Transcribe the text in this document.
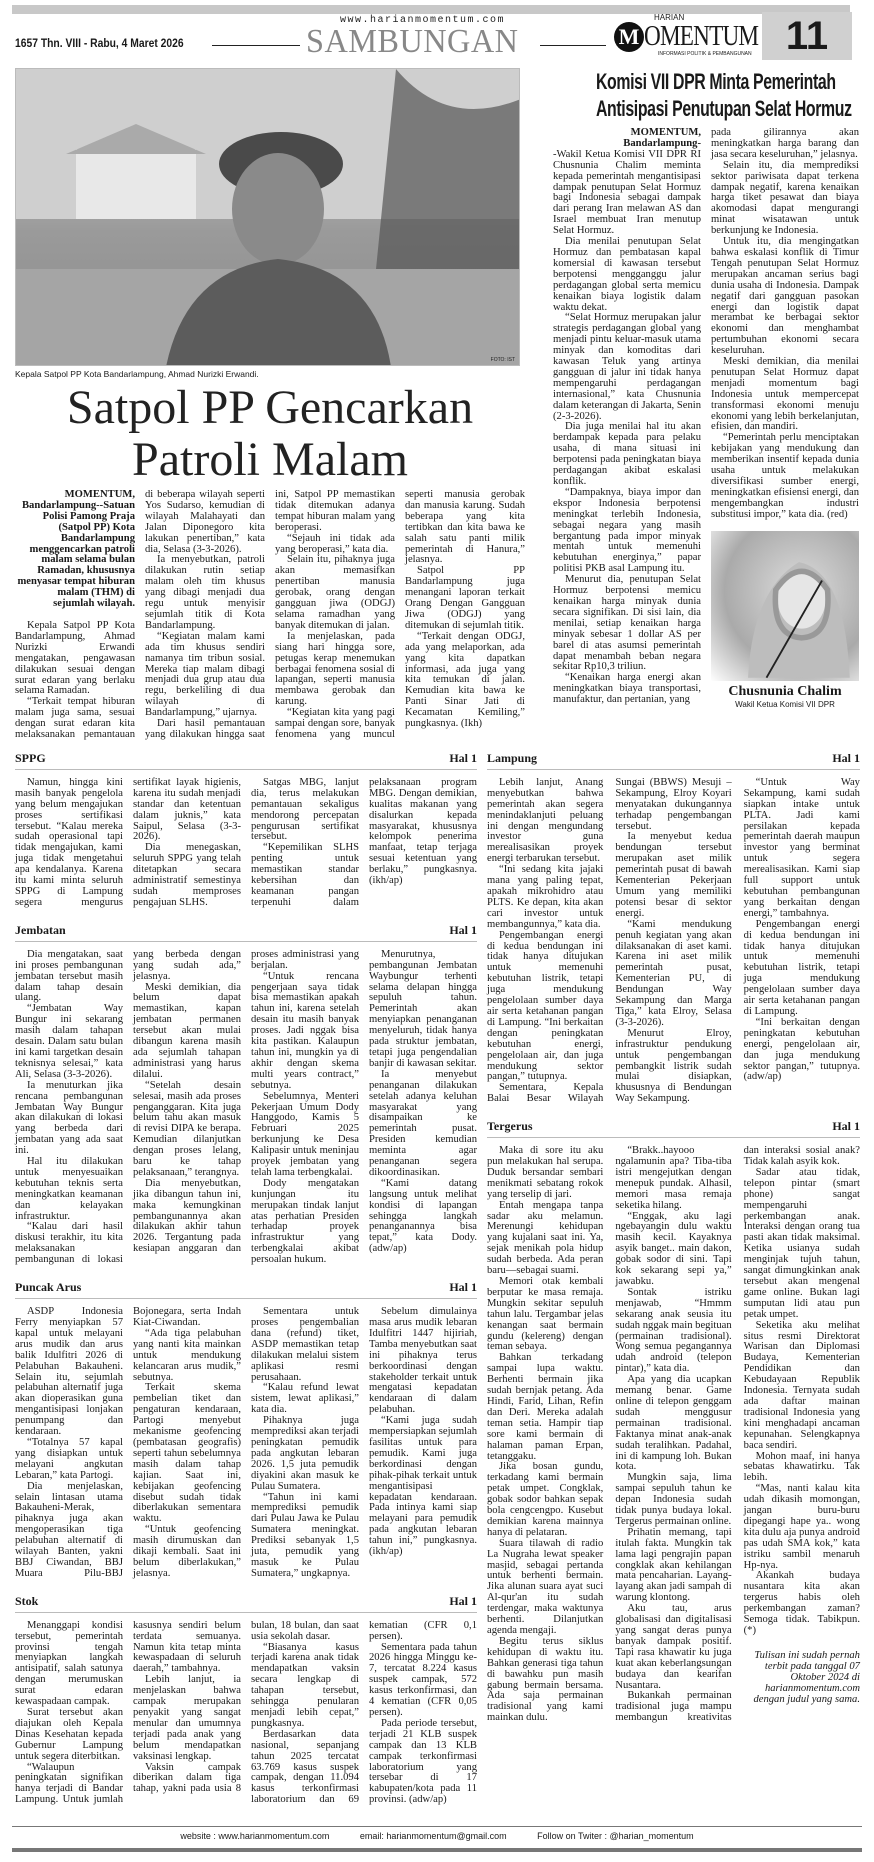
1657 Thn. VIII - Rabu, 4 Maret 2026
www.harianmomentum.com
SAMBUNGAN
HARIAN
M OMENTUM
INFORMASI POLITIK & PEMBANGUNAN 11
FOTO: IST
Kepala Satpol PP Kota Bandarlampung, Ahmad Nurizki Erwandi.
Satpol PP Gencarkan
Patroli Malam

MOMENTUM, Bandarlampung--Satuan Polisi Pamong Praja (Satpol PP) Kota Bandarlampung menggencarkan patroli malam selama bulan Ramadan, khususnya menyasar tempat hiburan malam (THM) di sejumlah wilayah.

Kepala Satpol PP Kota Bandarlampung, Ahmad Nurizki Erwandi mengatakan, pengawasan dilakukan sesuai dengan surat edaran yang berlaku selama Ramadan.

“Terkait tempat hiburan malam juga sama, sesuai dengan surat edaran kita melaksanakan pemantauan di beberapa wilayah seperti Yos Sudarso, kemudian di wilayah Malahayati dan Jalan Diponegoro kita lakukan penertiban,” kata dia, Selasa (3-3-2026).

Ia menyebutkan, patroli dilakukan rutin setiap malam oleh tim khusus yang dibagi menjadi dua regu untuk menyisir sejumlah titik di Kota Bandarlampung.

“Kegiatan malam kami ada tim khusus sendiri namanya tim tribun sosial. Mereka tiap malam dibagi menjadi dua grup atau dua regu, berkeliling di dua wilayah di Bandarlampung,” ujarnya.

Dari hasil pemantauan yang dilakukan hingga saat ini, Satpol PP memastikan tidak ditemukan adanya tempat hiburan malam yang beroperasi.

“Sejauh ini tidak ada yang beroperasi,” kata dia.

Selain itu, pihaknya juga akan memasifkan penertiban manusia gerobak, orang dengan gangguan jiwa (ODGJ) selama ramadhan yang banyak ditemukan di jalan.

Ia menjelaskan, pada siang hari hingga sore, petugas kerap menemukan berbagai fenomena sosial di lapangan, seperti manusia membawa gerobak dan karung.

“Kegiatan kita yang pagi sampai dengan sore, banyak fenomena yang muncul seperti manusia gerobak dan manusia karung. Sudah beberapa yang kita tertibkan dan kita bawa ke salah satu panti milik pemerintah di Hanura,” jelasnya.

Satpol PP Bandarlampung juga menangani laporan terkait Orang Dengan Gangguan Jiwa (ODGJ) yang ditemukan di sejumlah titik.

“Terkait dengan ODGJ, ada yang melaporkan, ada yang kita dapatkan informasi, ada juga yang kita temukan di jalan. Kemudian kita bawa ke Panti Sinar Jati di Kecamatan Kemiling,” pungkasnya. (Ikh)

Komisi VII DPR Minta Pemerintah
Antisipasi Penutupan Selat Hormuz
MOMENTUM, Bandarlampung-

-Wakil Ketua Komisi VII DPR RI Chusnunia Chalim meminta kepada pemerintah mengantisipasi dampak penutupan Selat Hormuz bagi Indonesia sebagai dampak dari perang Iran melawan AS dan Israel membuat Iran menutup Selat Hormuz.

Dia menilai penutupan Selat Hormuz dan pembatasan kapal komersial di kawasan tersebut berpotensi mengganggu jalur perdagangan global serta memicu kenaikan biaya logistik dalam waktu dekat.

“Selat Hormuz merupakan jalur strategis perdagangan global yang menjadi pintu keluar-masuk utama minyak dan komoditas dari kawasan Teluk yang artinya gangguan di jalur ini tidak hanya mempengaruhi perdagangan internasional,” kata Chusnunia dalam keterangan di Jakarta, Senin (2-3-2026).

Dia juga menilai hal itu akan berdampak kepada para pelaku usaha, di mana situasi ini berpotensi pada peningkatan biaya perdagangan akibat eskalasi konflik.

“Dampaknya, biaya impor dan ekspor Indonesia berpotensi meningkat terlebih Indonesia, sebagai negara yang masih bergantung pada impor minyak mentah untuk memenuhi kebutuhan energinya,” papar politisi PKB asal Lampung itu.

Menurut dia, penutupan Selat Hormuz berpotensi memicu kenaikan harga minyak dunia secara signifikan. Di sisi lain, dia menilai, setiap kenaikan harga minyak sebesar 1 dollar AS per barel di atas asumsi pemerintah dapat menambah beban negara sekitar Rp10,3 triliun.

“Kenaikan harga energi akan meningkatkan biaya transportasi, manufaktur, dan pertanian, yang

pada gilirannya akan meningkatkan harga barang dan jasa secara keseluruhan,” jelasnya.

Selain itu, dia memprediksi sektor pariwisata dapat terkena dampak negatif, karena kenaikan harga tiket pesawat dan biaya akomodasi dapat mengurangi minat wisatawan untuk berkunjung ke Indonesia.

Untuk itu, dia mengingatkan bahwa eskalasi konflik di Timur Tengah penutupan Selat Hormuz merupakan ancaman serius bagi dunia usaha di Indonesia. Dampak negatif dari gangguan pasokan energi dan logistik dapat merambat ke berbagai sektor ekonomi dan menghambat pertumbuhan ekonomi secara keseluruhan.

Meski demikian, dia menilai penutupan Selat Hormuz dapat menjadi momentum bagi Indonesia untuk mempercepat transformasi ekonomi menuju ekonomi yang lebih berkelanjutan, efisien, dan mandiri.

“Pemerintah perlu menciptakan kebijakan yang mendukung dan memberikan insentif kepada dunia usaha untuk melakukan diversifikasi sumber energi, meningkatkan efisiensi energi, dan mengembangkan industri substitusi impor,” kata dia. (red)

Chusnunia Chalim
Wakil Ketua Komisi VII DPR
SPPG	Hal 1

Namun, hingga kini masih banyak pengelola yang belum mengajukan proses sertifikasi tersebut. “Kalau mereka sudah operasional tapi tidak mengajukan, kami juga tidak mengetahui apa kendalanya. Karena itu kami minta seluruh SPPG di Lampung segera mengurus sertifikat layak higienis, karena itu sudah menjadi standar dan ketentuan dalam juknis,” kata Saipul, Selasa (3-3-2026).

Dia menegaskan, seluruh SPPG yang telah ditetapkan secara administratif semestinya sudah memproses pengajuan SLHS.

Satgas MBG, lanjut dia, terus melakukan pemantauan sekaligus mendorong percepatan pengurusan sertifikat tersebut.

“Kepemilikan SLHS penting untuk memastikan standar kebersihan dan keamanan pangan terpenuhi dalam pelaksanaan program MBG. Dengan demikian, kualitas makanan yang disalurkan kepada masyarakat, khususnya kelompok penerima manfaat, tetap terjaga sesuai ketentuan yang berlaku,” pungkasnya. (ikh/ap)

Jembatan	Hal 1

Dia mengatakan, saat ini proses pembangunan jembatan tersebut masih dalam tahap desain ulang.

“Jembatan Way Bungur ini sekarang masih dalam tahapan desain. Dalam satu bulan ini kami targetkan desain teknisnya selesai,” kata Ali, Selasa (3-3-2026).

Ia menuturkan jika rencana pembangunan Jembatan Way Bungur akan dilakukan di lokasi yang berbeda dari jembatan yang ada saat ini.

Hal itu dilakukan untuk menyesuaikan kebutuhan teknis serta meningkatkan keamanan dan kelayakan infrastruktur.

“Kalau dari hasil diskusi terakhir, itu kita melaksanakan pembangunan di lokasi yang berbeda dengan yang sudah ada,” jelasnya.

Meski demikian, dia belum dapat memastikan, kapan jembatan permanen tersebut akan mulai dibangun karena masih ada sejumlah tahapan administrasi yang harus dilalui.

“Setelah desain selesai, masih ada proses penganggaran. Kita juga belum tahu akan masuk di revisi DIPA ke berapa. Kemudian dilanjutkan dengan proses lelang, baru ke tahap pelaksanaan,” terangnya.

Dia menyebutkan, jika dibangun tahun ini, maka kemungkinan pembangunannya akan dilakukan akhir tahun 2026. Tergantung pada kesiapan anggaran dan proses administrasi yang berjalan.

“Untuk rencana pengerjaan saya tidak bisa memastikan apakah tahun ini, karena setelah desain itu masih banyak proses. Jadi nggak bisa kita pastikan. Kalaupun tahun ini, mungkin ya di akhir dengan skema multi years contract,” sebutnya.

Sebelumnya, Menteri Pekerjaan Umum Dody Hanggodo, Kamis 5 Februari 2025 berkunjung ke Desa Kalipasir untuk meninjau proyek jembatan yang telah lama terbengkalai.

Dody mengatakan kunjungan itu merupakan tindak lanjut atas perhatian Presiden terhadap proyek infrastruktur yang terbengkalai akibat persoalan hukum.

Menurutnya, pembangunan Jembatan Waybungur terhenti selama delapan hingga sepuluh tahun. Pemerintah akan menyiapkan penanganan menyeluruh, tidak hanya pada struktur jembatan, tetapi juga pengendalian banjir di kawasan sekitar.

Ia menyebut penanganan dilakukan setelah adanya keluhan masyarakat yang disampaikan ke pemerintah pusat. Presiden kemudian meminta agar penanganan segera dikoordinasikan.

“Kami datang langsung untuk melihat kondisi di lapangan sehingga langkah penanganannya bisa tepat,” kata Dody. (adw/ap)

Puncak Arus	Hal 1

ASDP Indonesia Ferry menyiapkan 57 kapal untuk melayani arus mudik dan arus balik Idulfitri 2026 di Pelabuhan Bakauheni. Selain itu, sejumlah pelabuhan alternatif juga akan dioperasikan guna mengantisipasi lonjakan penumpang dan kendaraan.

“Totalnya 57 kapal yang disiapkan untuk melayani angkutan Lebaran,” kata Partogi.

Dia menjelaskan, selain lintasan utama Bakauheni-Merak, pihaknya juga akan mengoperasikan tiga pelabuhan alternatif di wilayah Banten, yakni BBJ Ciwandan, BBJ Muara Pilu-BBJ Bojonegara, serta Indah Kiat-Ciwandan.

“Ada tiga pelabuhan yang nanti kita mainkan untuk mendukung kelancaran arus mudik,” sebutnya.

Terkait skema pembelian tiket dan pengaturan kendaraan, Partogi menyebut mekanisme geofencing (pembatasan geografis) seperti tahun sebelumnya masih dalam tahap kajian. Saat ini, kebijakan geofencing disebut sudah tidak diberlakukan sementara waktu.

“Untuk geofencing masih dirumuskan dan dikaji kembali. Saat ini belum diberlakukan,” jelasnya.

Sementara untuk proses pengembalian dana (refund) tiket, ASDP memastikan tetap dilakukan melalui sistem aplikasi resmi perusahaan.

“Kalau refund lewat sistem, lewat aplikasi,” kata dia.

Pihaknya juga memprediksi akan terjadi peningkatan pemudik pada angkutan lebaran 2026. 1,5 juta pemudik diyakini akan masuk ke Pulau Sumatera.

“Tahun ini kami memprediksi pemudik dari Pulau Jawa ke Pulau Sumatera meningkat. Prediksi sebanyak 1,5 juta, pemudik yang masuk ke Pulau Sumatera,” ungkapnya.

Sebelum dimulainya masa arus mudik lebaran Idulfitri 1447 hijiriah, Tamba menyebutkan saat ini pihaknya terus berkoordinasi dengan stakeholder terkait untuk mengatasi kepadatan kendaraan di dalam pelabuhan.

“Kami juga sudah mempersiapkan sejumlah fasilitas untuk para pemudik. Kami juga berkordinasi dengan pihak-pihak terkait untuk mengantisipasi kepadatan kendaraan. Pada intinya kami siap melayani para pemudik pada angkutan lebaran tahun ini,” pungkasnya. (ikh/ap)

Stok	Hal 1

Menanggapi kondisi tersebut, pemerintah provinsi tengah menyiapkan langkah antisipatif, salah satunya dengan merumuskan surat edaran kewaspadaan campak.

Surat tersebut akan diajukan oleh Kepala Dinas Kesehatan kepada Gubernur Lampung untuk segera diterbitkan.

“Walaupun peningkatan signifikan hanya terjadi di Bandar Lampung. Untuk jumlah kasusnya sendiri belum terdata semuanya. Namun kita tetap minta kewaspadaan di seluruh daerah,” tambahnya.

Lebih lanjut, ia menjelaskan bahwa campak merupakan penyakit yang sangat menular dan umumnya terjadi pada anak yang belum mendapatkan vaksinasi lengkap.

Vaksin campak diberikan dalam tiga tahap, yakni pada usia 8 bulan, 18 bulan, dan saat usia sekolah dasar.

“Biasanya kasus terjadi karena anak tidak mendapatkan vaksin secara lengkap di tahapan tersebut, sehingga penularan menjadi lebih cepat,” pungkasnya.

Berdasarkan data nasional, sepanjang tahun 2025 tercatat 63.769 kasus suspek campak, dengan 11.094 kasus terkonfirmasi laboratorium dan 69 kematian (CFR 0,1 persen).

Sementara pada tahun 2026 hingga Minggu ke-7, tercatat 8.224 kasus suspek campak, 572 kasus terkonfirmasi, dan 4 kematian (CFR 0,05 persen).

Pada periode tersebut, terjadi 21 KLB suspek campak dan 13 KLB campak terkonfirmasi laboratorium yang tersebar di 17 kabupaten/kota pada 11 provinsi. (adw/ap)

Lampung	Hal 1

Lebih lanjut, Anang menyebutkan bahwa pemerintah akan segera menindaklanjuti peluang ini dengan mengundang investor guna merealisasikan proyek energi terbarukan tersebut.

“Ini sedang kita jajaki mana yang paling tepat, apakah mikrohidro atau PLTS. Ke depan, kita akan cari investor untuk membangunnya,” kata dia.

Pengembangan energi di kedua bendungan ini tidak hanya ditujukan untuk memenuhi kebutuhan listrik, tetapi juga mendukung pengelolaan sumber daya air serta ketahanan pangan di Lampung. “Ini berkaitan dengan peningkatan kebutuhan energi, pengelolaan air, dan juga mendukung sektor pangan,” tutupnya.

Sementara, Kepala Balai Besar Wilayah Sungai (BBWS) Mesuji – Sekampung, Elroy Koyari menyatakan dukungannya terhadap pengembangan tersebut.

Ia menyebut kedua bendungan tersebut merupakan aset milik pemerintah pusat di bawah Kementerian Pekerjaan Umum yang memiliki potensi besar di sektor energi.

“Kami mendukung penuh kegiatan yang akan dilaksanakan di aset kami. Karena ini aset milik pemerintah pusat, Kementerian PU, di Bendungan Way Sekampung dan Marga Tiga,” kata Elroy, Selasa (3-3-2026).

Menurut Elroy, infrastruktur pendukung untuk pengembangan pembangkit listrik sudah mulai disiapkan, khususnya di Bendungan Way Sekampung.

“Untuk Way Sekampung, kami sudah siapkan intake untuk PLTA. Jadi kami persilakan kepada pemerintah daerah maupun investor yang berminat untuk segera merealisasikan. Kami siap full support untuk kebutuhan pembangunan yang berkaitan dengan energi,” tambahnya.

Pengembangan energi di kedua bendungan ini tidak hanya ditujukan untuk memenuhi kebutuhan listrik, tetapi juga mendukung pengelolaan sumber daya air serta ketahanan pangan di Lampung.

“Ini berkaitan dengan peningkatan kebutuhan energi, pengelolaan air, dan juga mendukung sektor pangan,” tutupnya. (adw/ap)

Tergerus	Hal 1

Maka di sore itu aku pun melakukan hal serupa. Duduk bersandar sembari menikmati sebatang rokok yang terselip di jari.

Entah mengapa tanpa sadar aku melamun. Merenungi kehidupan yang kujalani saat ini. Ya, sejak menikah pola hidup sudah berbeda. Ada peran baru—sebagai suami.

Memori otak kembali berputar ke masa remaja. Mungkin sekitar sepuluh tahun lalu. Tergambar jelas kenangan saat bermain gundu (kelereng) dengan teman sebaya.

Bahkan terkadang sampai lupa waktu. Berhenti bermain jika sudah bernjak petang. Ada Hindi, Farid, Lihan, Refin dan Deri. Mereka adalah teman setia. Hampir tiap sore kami bermain di halaman paman Erpan, tetanggaku.

Jika bosan gundu, terkadang kami bermain petak umpet. Congklak, gobak sodor bahkan sepak bola cengcengpo. Kusebut demikian karena mainnya hanya di pelataran.

Suara tilawah di radio La Nugraha lewat speaker masjid, sebagai pertanda untuk berhenti bermain. Jika alunan suara ayat suci Al-qur'an itu sudah terdengar, maka waktunya berhenti. Dilanjutkan agenda mengaji.

Begitu terus siklus kehidupan di waktu itu. Bahkan generasi tiga tahun di bawahku pun masih gabung bermain bersama. Ada saja permainan tradisional yang kami mainkan dulu.

“Brakk..hayooo ngalamunin apa? Tiba-tiba istri mengejutkan dengan menepuk pundak. Alhasil, memori masa remaja seketika hilang.

“Enggak, aku lagi ngebayangin dulu waktu masih kecil. Kayaknya asyik banget.. main dakon, gobak sodor di sini. Tapi kok sekarang sepi ya,” jawabku.

Sontak istriku menjawab, “Hmmm sekarang anak seusia itu sudah nggak main begituan (permainan tradisional). Wong semua pegangannya udah android (telepon pintar),” kata dia.

Apa yang dia ucapkan memang benar. Game online di telepon genggam sudah menggusur permainan tradisional. Faktanya minat anak-anak sudah teralihkan. Padahal, ini di kampung loh. Bukan kota.

Mungkin saja, lima sampai sepuluh tahun ke depan Indonesia sudah tidak punya budaya lokal. Tergerus permainan online.

Prihatin memang, tapi itulah fakta. Mungkin tak lama lagi pengrajin papan congklak akan kehilangan mata pencaharian. Layang-layang akan jadi sampah di warung klontong.

Aku tau, arus globalisasi dan digitalisasi yang sangat deras punya banyak dampak positif. Tapi rasa khawatir ku juga kuat akan keberlangsungan budaya dan kearifan Nusantara.

Bukankah permainan tradisional juga mampu membangun kreativitas dan interaksi sosial anak? Tidak kalah asyik kok.

Sadar atau tidak, telepon pintar (smart phone) sangat mempengaruhi perkembangan anak. Interaksi dengan orang tua pasti akan tidak maksimal. Ketika usianya sudah menginjak tujuh tahun, sangat dimungkinkan anak tersebut akan mengenal game online. Bukan lagi sumputan lidi atau pun petak umpet.

Seketika aku melihat situs resmi Direktorat Warisan dan Diplomasi Budaya, Kementerian Pendidikan dan Kebudayaan Republik Indonesia. Ternyata sudah ada daftar mainan tradisional Indonesia yang kini menghadapi ancaman kepunahan. Selengkapnya baca sendiri.

Mohon maaf, ini hanya sebatas khawatirku. Tak lebih.

“Mas, nanti kalau kita udah dikasih momongan, jangan buru-buru dipegangi hape ya.. wong kita dulu aja punya android pas udah SMA kok,” kata istriku sambil menaruh Hp-nya.

Akankah budaya nusantara kita akan tergerus habis oleh perkembangan zaman? Semoga tidak. Tabikpun. (*)

Tulisan ini sudah pernah terbit pada tanggal 07 Oktober 2024 di harianmomentum.com dengan judul yang sama.

website : www.harianmomentum.com	email: harianmomentum@gmail.com	Follow on Twiter : @harian_momentum
